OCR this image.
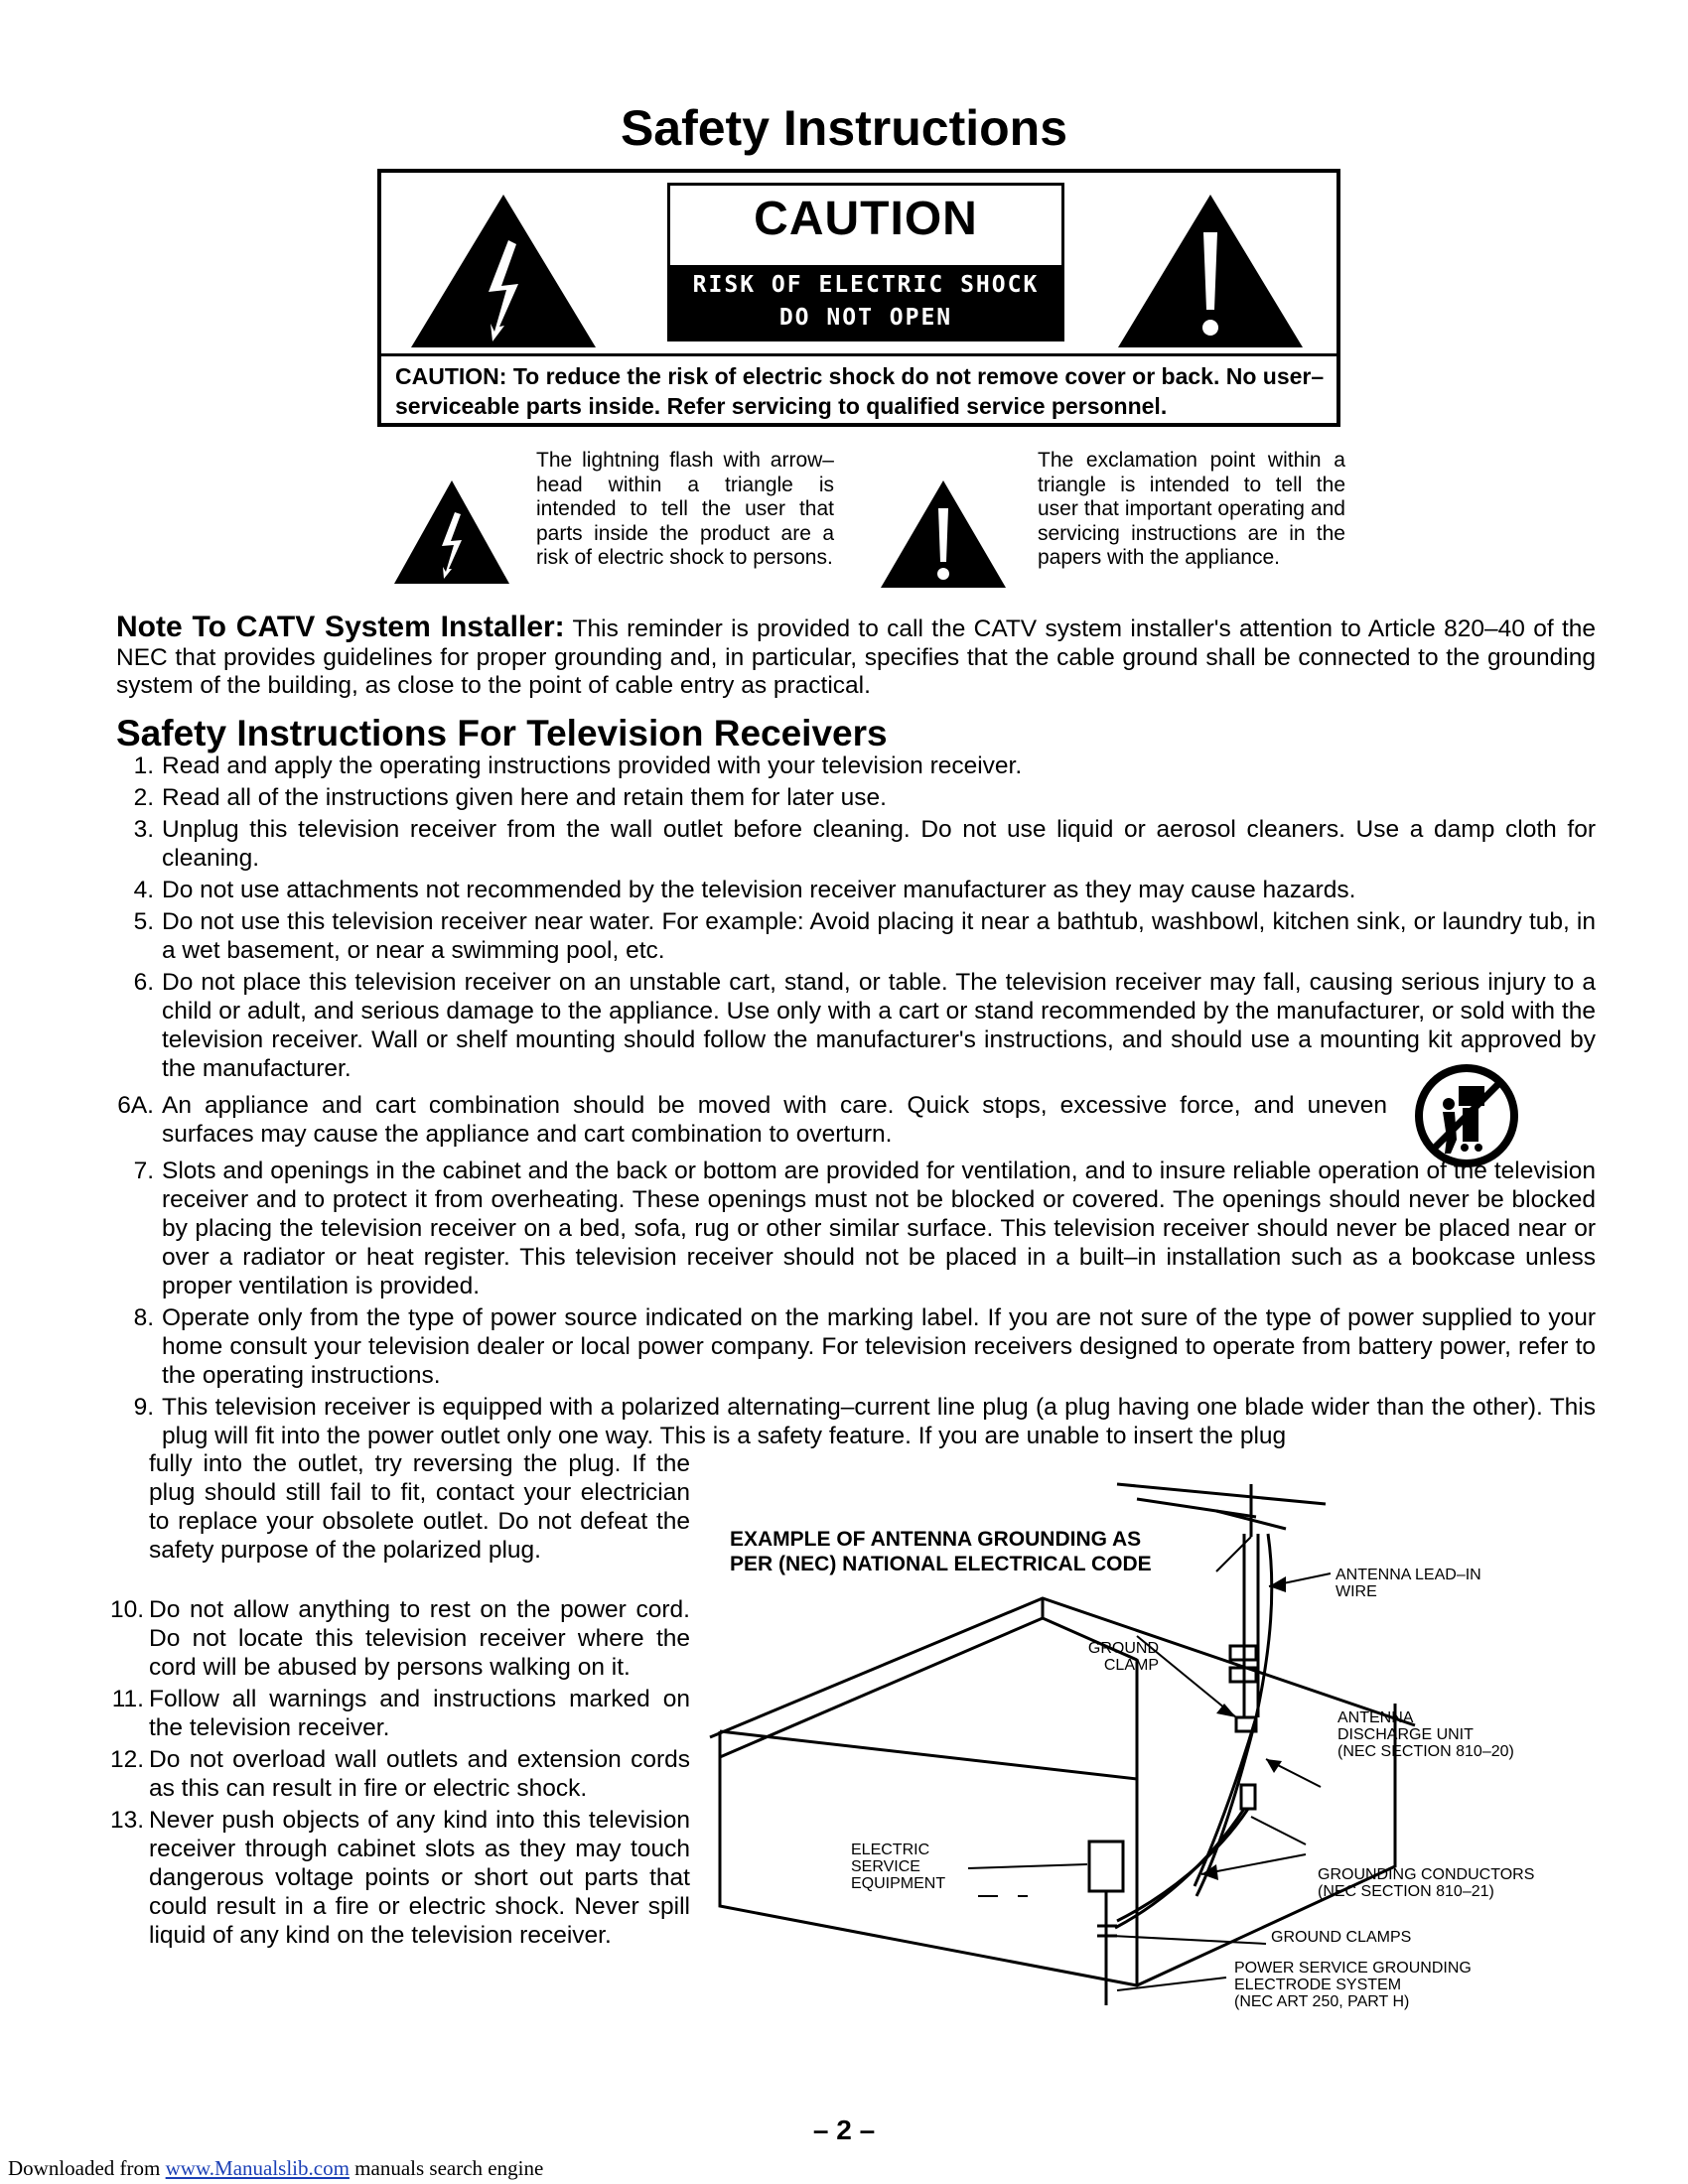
Safety Instructions
CAUTION
RISK OF ELECTRIC SHOCK
DO NOT OPEN
CAUTION: To reduce the risk of electric shock do not remove cover or back. No user–serviceable parts inside. Refer servicing to qualified service personnel.
The lightning flash with arrow–head within a triangle is intended to tell the user that parts inside the product are a risk of electric shock to persons.
The exclamation point within a triangle is intended to tell the user that important operating and servicing instructions are in the papers with the appliance.
Note To CATV System Installer: This reminder is provided to call the CATV system installer's attention to Article 820–40 of the NEC that provides guidelines for proper grounding and, in particular, specifies that the cable ground shall be connected to the grounding system of the building, as close to the point of cable entry as practical.
Safety Instructions For Television Receivers
1. Read and apply the operating instructions provided with your television receiver.
2. Read all of the instructions given here and retain them for later use.
3. Unplug this television receiver from the wall outlet before cleaning. Do not use liquid or aerosol cleaners. Use a damp cloth for cleaning.
4. Do not use attachments not recommended by the television receiver manufacturer as they may cause hazards.
5. Do not use this television receiver near water. For example: Avoid placing it near a bathtub, washbowl, kitchen sink, or laundry tub, in a wet basement, or near a swimming pool, etc.
6. Do not place this television receiver on an unstable cart, stand, or table. The television receiver may fall, causing serious injury to a child or adult, and serious damage to the appliance. Use only with a cart or stand recommended by the manufacturer, or sold with the television receiver. Wall or shelf mounting should follow the manufacturer's instructions, and should use a mounting kit approved by the manufacturer.
6A. An appliance and cart combination should be moved with care. Quick stops, excessive force, and uneven surfaces may cause the appliance and cart combination to overturn.
7. Slots and openings in the cabinet and the back or bottom are provided for ventilation, and to insure reliable operation of the television receiver and to protect it from overheating. These openings must not be blocked or covered. The openings should never be blocked by placing the television receiver on a bed, sofa, rug or other similar surface. This television receiver should never be placed near or over a radiator or heat register. This television receiver should not be placed in a built–in installation such as a bookcase unless proper ventilation is provided.
8. Operate only from the type of power source indicated on the marking label. If you are not sure of the type of power supplied to your home consult your television dealer or local power company. For television receivers designed to operate from battery power, refer to the operating instructions.
9. This television receiver is equipped with a polarized alternating–current line plug (a plug having one blade wider than the other). This plug will fit into the power outlet only one way. This is a safety feature. If you are unable to insert the plug
fully into the outlet, try reversing the plug. If the plug should still fail to fit, contact your electrician to replace your obsolete outlet. Do not defeat the safety purpose of the polarized plug.
10. Do not allow anything to rest on the power cord. Do not locate this television receiver where the cord will be abused by persons walking on it.
11. Follow all warnings and instructions marked on the television receiver.
12. Do not overload wall outlets and extension cords as this can result in fire or electric shock.
13. Never push objects of any kind into this television receiver through cabinet slots as they may touch dangerous voltage points or short out parts that could result in a fire or electric shock. Never spill liquid of any kind on the television receiver.
EXAMPLE OF ANTENNA GROUNDING AS
PER (NEC) NATIONAL ELECTRICAL CODE	ANTENNA LEAD–IN
WIRE
GROUND
CLAMP
ANTENNA
DISCHARGE UNIT
(NEC SECTION 810–20)
ELECTRIC
SERVICE
EQUIPMENT
GROUNDING CONDUCTORS
(NEC SECTION 810–21)
GROUND CLAMPS
POWER SERVICE GROUNDING
ELECTRODE SYSTEM
(NEC ART 250, PART H)
– 2 –
Downloaded from www.Manualslib.com manuals search engine
